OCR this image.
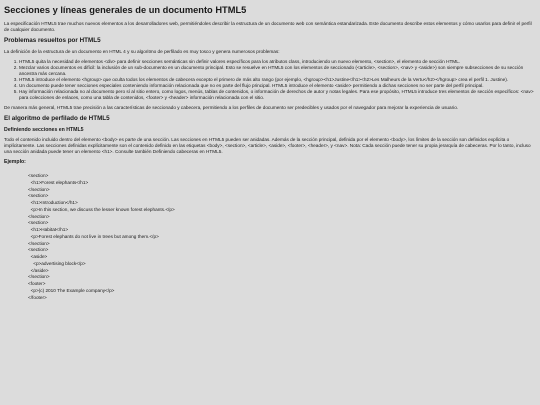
Secciones y líneas generales de un documento HTML5

La especificación HTML5 trae muchos nuevos elementos a los desarrolladores web, permitiéndoles describir la estructura de un documento web con semántica estandarizada. Este documento describe estos elementos y cómo usarlos para definir el perfil de cualquier documento.

Problemas resueltos por HTML5

La definición de la estructura de un documento en HTML 4 y su algoritmo de perfilado es muy tosco y genera numerosos problemas:

1. HTML5 quita la necesidad de elementos <div> para definir secciones semánticas sin definir valores específicos para los atributos class, introduciendo un nuevo elemento, <section>, el elemento de sección HTML.
2. Mezclar varios documentos es difícil: la inclusión de un sub-documento en un documento principal. Esto se resuelve en HTML5 con los elementos de seccionado (<article>, <section>, <nav> y <aside>) son siempre subsecciones de su sección ancestra más cercana.
3. HTML5 introduce el elemento <hgroup> que oculta todos los elementos de cabecera excepto el primero de más alto rango (por ejemplo, <hgroup><h1>Justine</h1><h2>Les Malheurs de la Vertu</h2></hgroup> crea el perfil 1. Justine).
4. Un documento puede tener secciones especiales conteniendo información relacionada que no es parte del flujo principal. HTML5 introduce el elemento <aside> permitiendo a dichas secciones no ser parte del perfil principal.
5. Hay información relacionada no al documento pero sí al sitio entero, como logos, menús, tablas de contenidos, o información de derechos de autor y notas legales. Para ese propósito, HTML5 introduce tres elementos de sección específicos: <nav> para colecciones de enlaces, como una tabla de contenidos, <footer> y <header> información relacionada con el sitio.

De manera más general, HTML5 trae precisión a las características de seccionado y cabecera, permitiendo a los perfiles de documento ser predecibles y usados por el navegador para mejorar la experiencia de usuario.

El algoritmo de perfilado de HTML5
Definiendo secciones en HTML5

Todo el contenido incluido dentro del elemento <body> es parte de una sección. Las secciones en HTML5 pueden ser anidadas. Además de la sección principal, definida por el elemento <body>, los límites de la sección son definidos explícita o implícitamente. Las secciones definidas explícitamente son el contenido definido en las etiquetas <body>, <section>, <article>, <aside>, <footer>, <header>, y <nav>. Nota: Cada sección puede tener su propia jerarquía de cabeceras. Por lo tanto, incluso una sección anidada puede tener un elemento <h1>. Consulte también Definiendo cabeceras en HTML5.

Ejemplo:
<section>
<h1>Forest elephants</h1>
</section>
<section>
<h1>Introduction</h1>
<p>In this section, we discuss the lesser known forest elephants.</p>
</section>
<section>
<h1>Habitat</h1>
<p>Forest elephants do not live in trees but among them.</p>
</section>
<section>
<aside>
<p>advertising block</p>
</aside>
</section>
<footer>
<p>(c) 2010 The Example company</p>
</footer>
